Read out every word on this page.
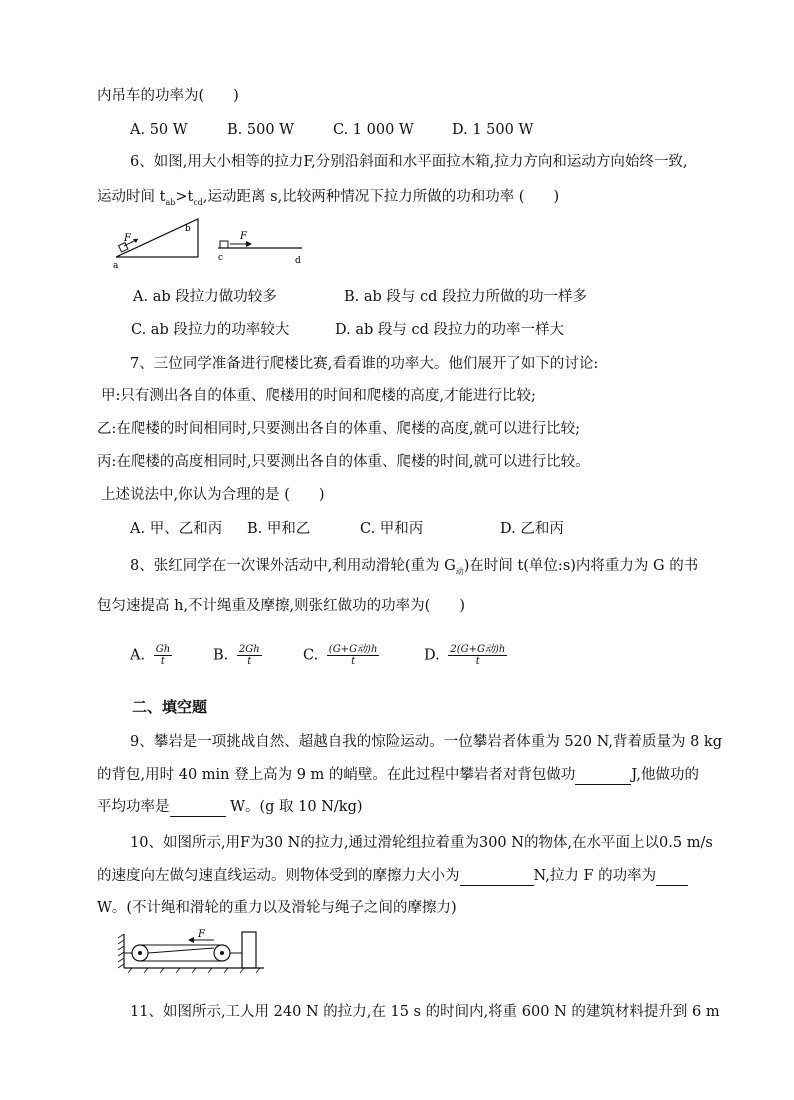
内吊车的功率为(　　)
A. 50 W	B. 500 W	C. 1 000 W	D. 1 500 W
6、如图,用大小相等的拉力F,分别沿斜面和水平面拉木箱,拉力方向和运动方向始终一致,
运动时间 $t_{ab}>t_{cd}$,运动距离 s,比较两种情况下拉力所做的功和功率 (　　)
F
a
b
F
c	d
A. ab 段拉力做功较多	B. ab 段与 cd 段拉力所做的功一样多
C. ab 段拉力的功率较大	D. ab 段与 cd 段拉力的功率一样大
7、三位同学准备进行爬楼比赛,看看谁的功率大。他们展开了如下的讨论:
甲:只有测出各自的体重、爬楼用的时间和爬楼的高度,才能进行比较;
乙:在爬楼的时间相同时,只要测出各自的体重、爬楼的高度,就可以进行比较;
丙:在爬楼的高度相同时,只要测出各自的体重、爬楼的时间,就可以进行比较。
上述说法中,你认为合理的是 (　　)
A. 甲、乙和丙 B. 甲和乙	C. 甲和丙	D. 乙和丙
8、张红同学在一次课外活动中,利用动滑轮(重为 $G_动$)在时间 t(单位:s)内将重力为 G 的书
包匀速提高 h,不计绳重及摩擦,则张红做功的功率为(　　)
A. $\frac{Gh}{t}$	B. $\frac{2Gh}{t}$	C. $\frac{\text{(G+G动)h}}{t}$	D. $\frac{\text{2(G+G动)h}}{t}$
二、填空题
9、攀岩是一项挑战自然、超越自我的惊险运动。一位攀岩者体重为 520 N,背着质量为 8 kg
的背包,用时 40 min 登上高为 9 m 的峭壁。在此过程中攀岩者对背包做功	J,他做功的
平均功率是	W。(g 取 10 N/kg)
10、如图所示,用F为30 N的拉力,通过滑轮组拉着重为300 N的物体,在水平面上以0.5 m/s
的速度向左做匀速直线运动。则物体受到的摩擦力大小为	N,拉力 F 的功率为
W。(不计绳和滑轮的重力以及滑轮与绳子之间的摩擦力)
F
11、如图所示,工人用 240 N 的拉力,在 15 s 的时间内,将重 600 N 的建筑材料提升到 6 m
